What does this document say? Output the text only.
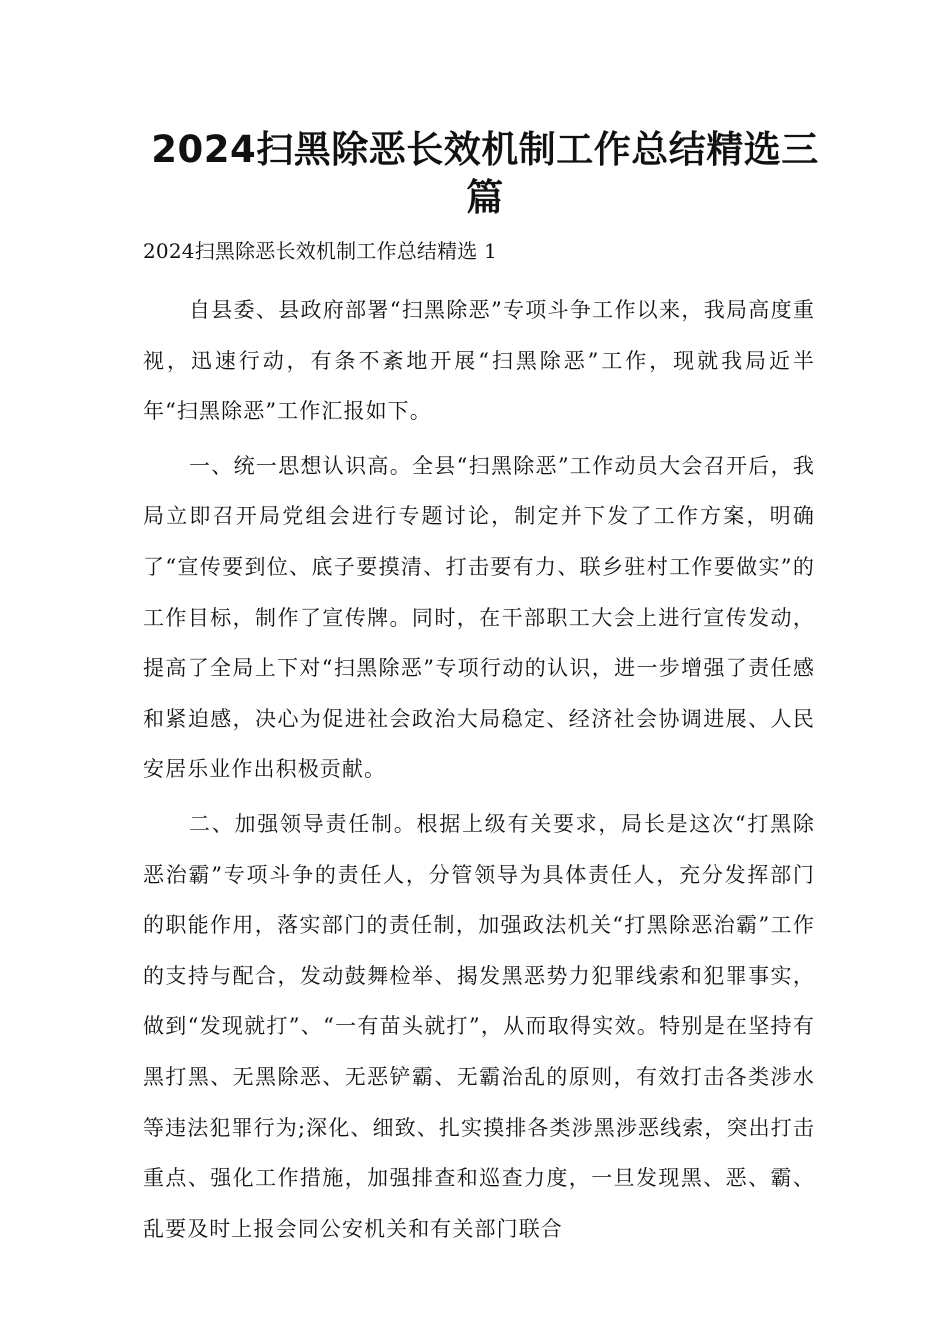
2024扫黑除恶长效机制工作总结精选三篇
2024扫黑除恶长效机制工作总结精选 1

自县委、县政府部署“扫黑除恶”专项斗争工作以来，我局高度重视，迅速行动，有条不紊地开展“扫黑除恶”工作，现就我局近半年“扫黑除恶”工作汇报如下。

一、统一思想认识高。全县“扫黑除恶”工作动员大会召开后，我局立即召开局党组会进行专题讨论，制定并下发了工作方案，明确了“宣传要到位、底子要摸清、打击要有力、联乡驻村工作要做实”的工作目标，制作了宣传牌。同时，在干部职工大会上进行宣传发动，提高了全局上下对“扫黑除恶”专项行动的认识，进一步增强了责任感和紧迫感，决心为促进社会政治大局稳定、经济社会协调进展、人民安居乐业作出积极贡献。

二、加强领导责任制。根据上级有关要求，局长是这次“打黑除恶治霸”专项斗争的责任人，分管领导为具体责任人，充分发挥部门的职能作用，落实部门的责任制，加强政法机关“打黑除恶治霸”工作的支持与配合，发动鼓舞检举、揭发黑恶势力犯罪线索和犯罪事实，做到“发现就打”、“一有苗头就打”，从而取得实效。特别是在坚持有黑打黑、无黑除恶、无恶铲霸、无霸治乱的原则，有效打击各类涉水等违法犯罪行为;深化、细致、扎实摸排各类涉黑涉恶线索，突出打击重点、强化工作措施，加强排查和巡查力度，一旦发现黑、恶、霸、乱要及时上报会同公安机关和有关部门联合
